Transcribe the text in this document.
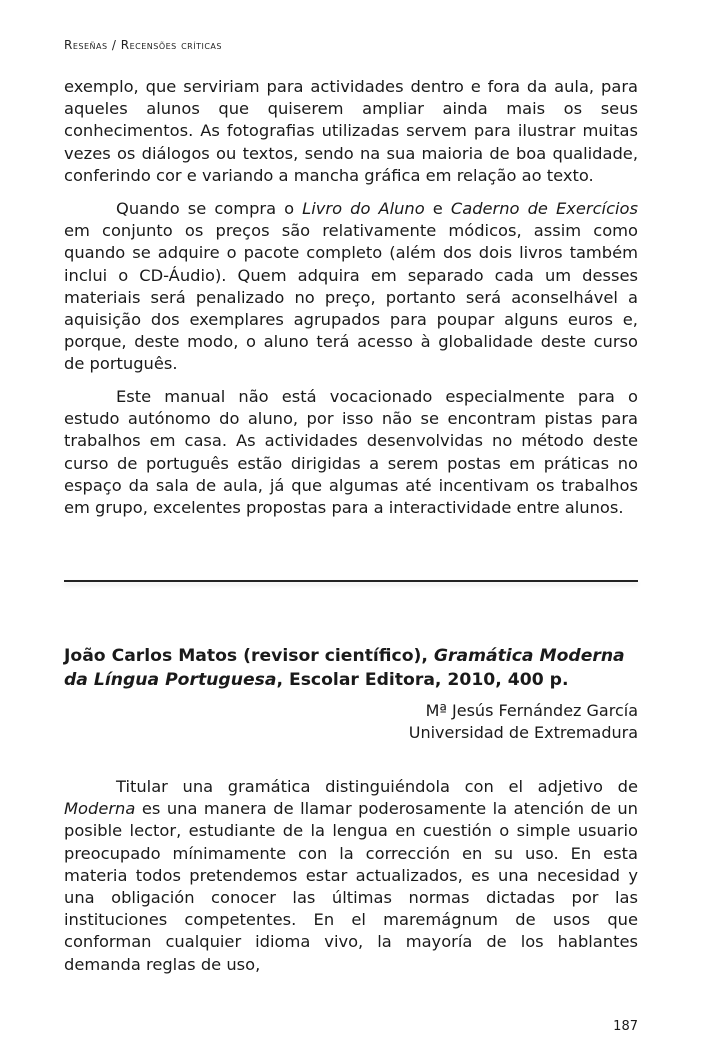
Reseñas / Recensões críticas

exemplo, que serviriam para actividades dentro e fora da aula, para aqueles alunos que quiserem ampliar ainda mais os seus conhecimentos. As fotografias utilizadas servem para ilustrar muitas vezes os diálogos ou textos, sendo na sua maioria de boa qualidade, conferindo cor e variando a mancha gráfica em relação ao texto.

Quando se compra o Livro do Aluno e Caderno de Exercícios em conjunto os preços são relativamente módicos, assim como quando se adquire o pacote completo (além dos dois livros também inclui o CD-Áudio). Quem adquira em separado cada um desses materiais será penalizado no preço, portanto será aconselhável a aquisição dos exemplares agrupados para poupar alguns euros e, porque, deste modo, o aluno terá acesso à globalidade deste curso de português.

Este manual não está vocacionado especialmente para o estudo autónomo do aluno, por isso não se encontram pistas para trabalhos em casa. As actividades desenvolvidas no método deste curso de português estão dirigidas a serem postas em práticas no espaço da sala de aula, já que algumas até incentivam os trabalhos em grupo, excelentes propostas para a interactividade entre alunos.

João Carlos Matos (revisor científico), Gramática Moderna da Língua Portuguesa, Escolar Editora, 2010, 400 p.
Mª Jesús Fernández García
Universidad de Extremadura

Titular una gramática distinguiéndola con el adjetivo de Moderna es una manera de llamar poderosamente la atención de un posible lector, estudiante de la lengua en cuestión o simple usuario preocupado mínimamente con la corrección en su uso. En esta materia todos pretendemos estar actualizados, es una necesidad y una obligación conocer las últimas normas dictadas por las instituciones competentes. En el maremágnum de usos que conforman cualquier idioma vivo, la mayoría de los hablantes demanda reglas de uso,

187
